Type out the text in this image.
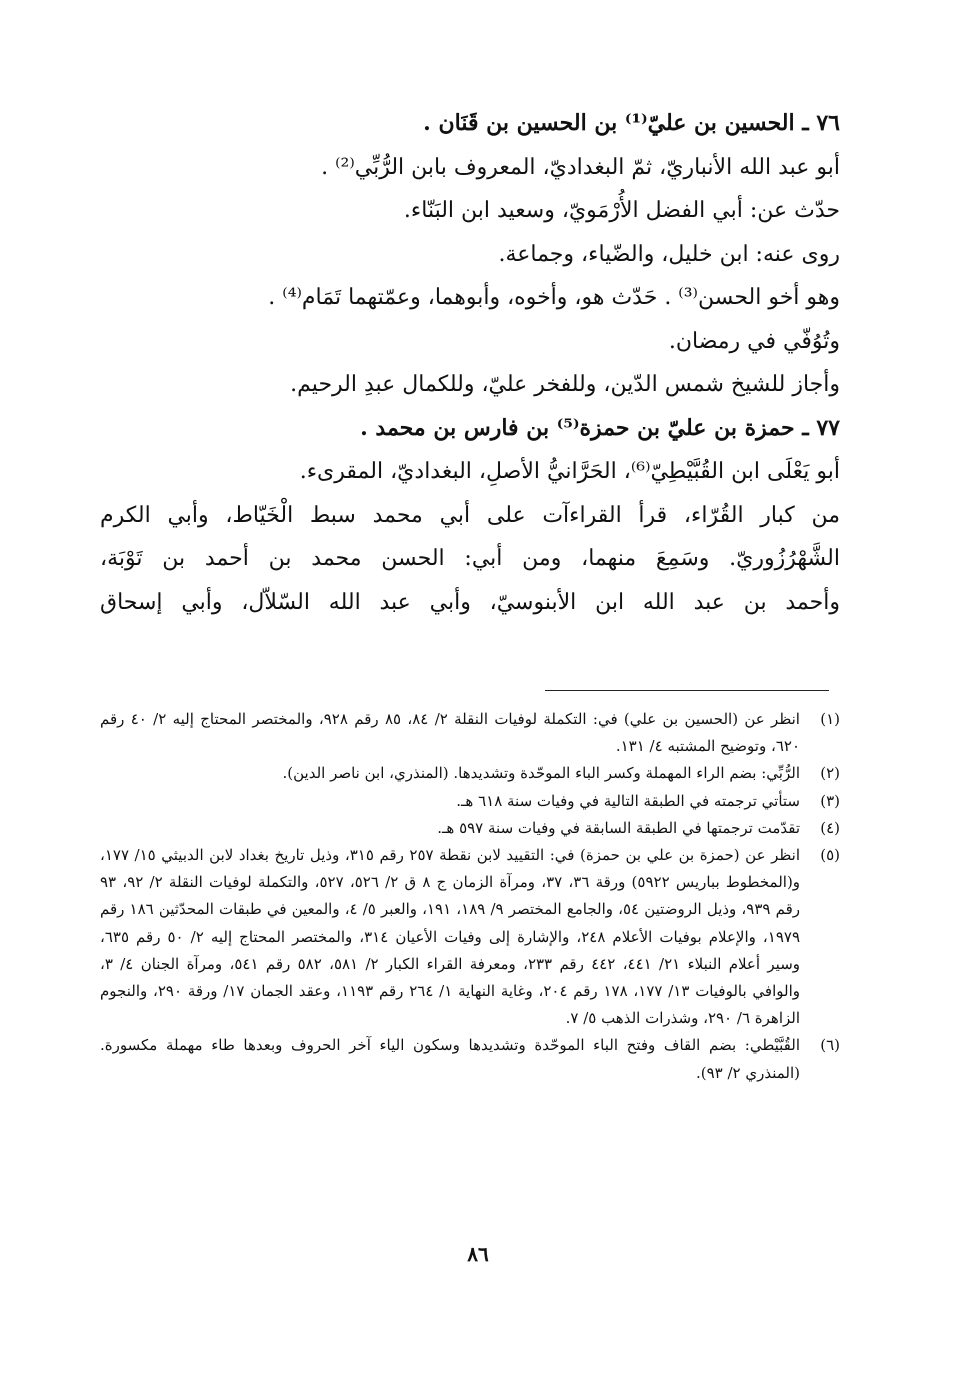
٧٦ ـ الحسين بن عليّ⁽¹⁾ بن الحسين بن قَنَان .

أبو عبد الله الأنباريّ، ثمّ البغداديّ، المعروف بابن الرُّبِّي⁽²⁾ .

حدّث عن: أبي الفضل الأُرْمَويّ، وسعيد ابن البَنّاء.

روى عنه: ابن خليل، والضّياء، وجماعة.

وهو أخو الحسن⁽³⁾ . حَدّث هو، وأخوه، وأبوهما، وعمّتهما تَمَام⁽⁴⁾ .

وتُوُفّي في رمضان.

وأجاز للشيخ شمس الدّين، وللفخر عليّ، وللكمال عبدِ الرحيم.

٧٧ ـ حمزة بن عليّ بن حمزة⁽⁵⁾ بن فارس بن محمد .

أبو يَعْلَى ابن القُبَّيْطِيّ⁽⁶⁾، الحَرَّانيُّ الأصلِ، البغداديّ، المقرىء.

من كبار القُرّاء، قرأ القراءآت على أبي محمد سبط الْخَيّاط، وأبي الكرم

الشَّهْرُزُوريّ. وسَمِعَ منهما، ومن أبي: الحسن محمد بن أحمد بن تَوْبَة،

وأحمد بن عبد الله ابن الأبنوسيّ، وأبي عبد الله السّلاّل، وأبي إسحاق

(١)
انظر عن (الحسين بن علي) في: التكملة لوفيات النقلة ٢/ ٨٤، ٨٥ رقم ٩٢٨، والمختصر المحتاج إليه ٢/ ٤٠ رقم ٦٢٠، وتوضيح المشتبه ٤/ ١٣١.
(٢)
الرُّبِّي: بضم الراء المهملة وكسر الباء الموحّدة وتشديدها. (المنذري، ابن ناصر الدين).
(٣)
ستأتي ترجمته في الطبقة التالية في وفيات سنة ٦١٨ هـ.
(٤)
تقدّمت ترجمتها في الطبقة السابقة في وفيات سنة ٥٩٧ هـ.
(٥)
انظر عن (حمزة بن علي بن حمزة) في: التقييد لابن نقطة ٢٥٧ رقم ٣١٥، وذيل تاريخ بغداد لابن الدبيثي ١٥/ ١٧٧، و(المخطوط بباريس ٥٩٢٢) ورقة ٣٦، ٣٧، ومرآة الزمان ج ٨ ق ٢/ ٥٢٦، ٥٢٧، والتكملة لوفيات النقلة ٢/ ٩٢، ٩٣ رقم ٩٣٩، وذيل الروضتين ٥٤، والجامع المختصر ٩/ ١٨٩، ١٩١، والعبر ٥/ ٤، والمعين في طبقات المحدّثين ١٨٦ رقم ١٩٧٩، والإعلام بوفيات الأعلام ٢٤٨، والإشارة إلى وفيات الأعيان ٣١٤، والمختصر المحتاج إليه ٢/ ٥٠ رقم ٦٣٥، وسير أعلام النبلاء ٢١/ ٤٤١، ٤٤٢ رقم ٢٣٣، ومعرفة القراء الكبار ٢/ ٥٨١، ٥٨٢ رقم ٥٤١، ومرآة الجنان ٤/ ٣، والوافي بالوفيات ١٣/ ١٧٧، ١٧٨ رقم ٢٠٤، وغاية النهاية ١/ ٢٦٤ رقم ١١٩٣، وعقد الجمان ١٧/ ورقة ٢٩٠، والنجوم الزاهرة ٦/ ٢٩٠، وشذرات الذهب ٥/ ٧.
(٦)
القُبَّيْطي: بضم القاف وفتح الباء الموحّدة وتشديدها وسكون الياء آخر الحروف وبعدها طاء مهملة مكسورة. (المنذري ٢/ ٩٣).
٨٦
